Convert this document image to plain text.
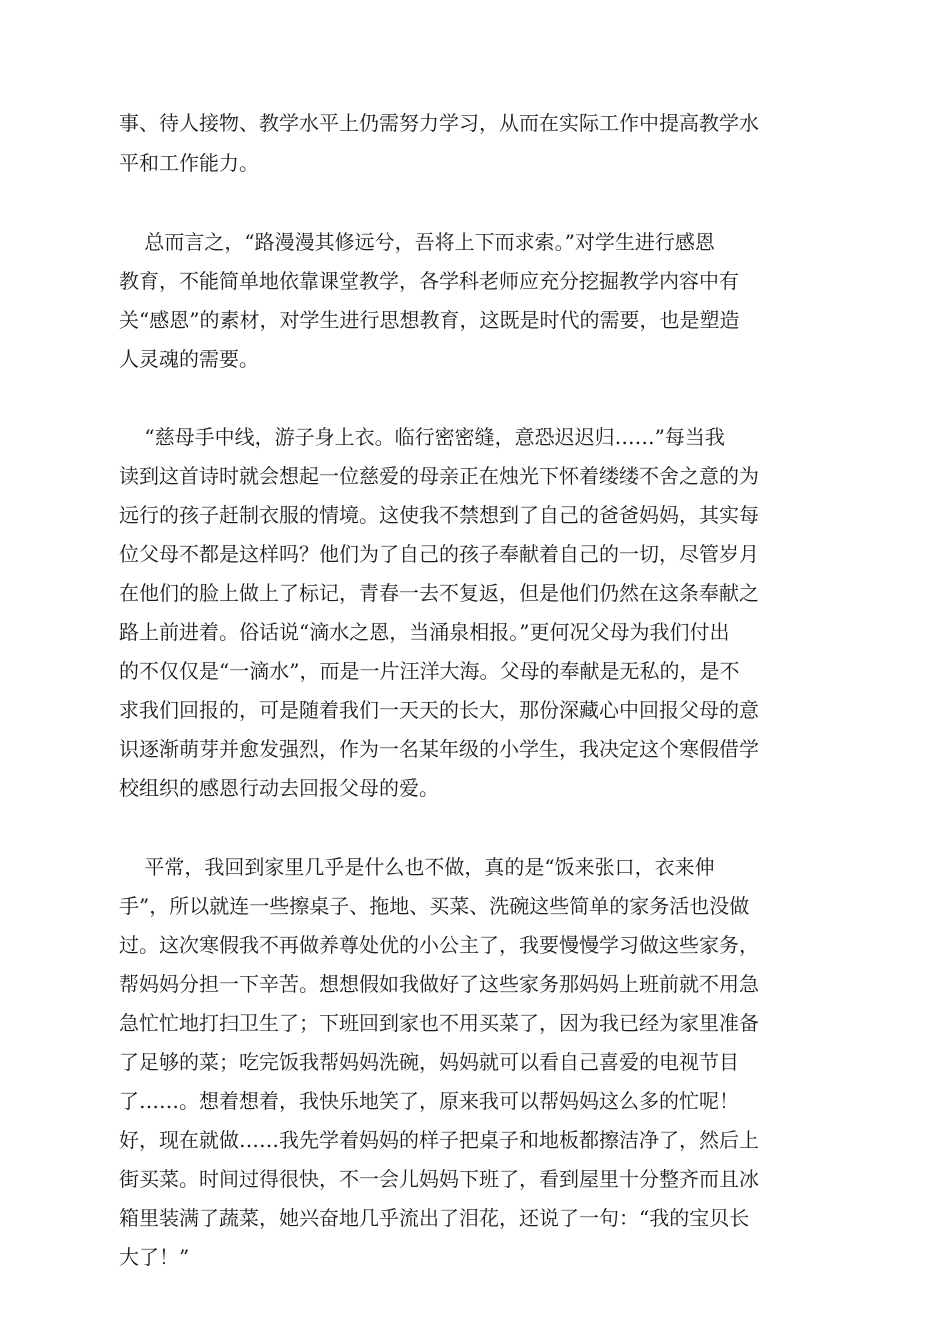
事、待人接物、教学水平上仍需努力学习，从而在实际工作中提高教学水

平和工作能力。

总而言之，“路漫漫其修远兮，吾将上下而求索。”对学生进行感恩

教育，不能简单地依靠课堂教学，各学科老师应充分挖掘教学内容中有

关“感恩”的素材，对学生进行思想教育，这既是时代的需要，也是塑造

人灵魂的需要。

“慈母手中线，游子身上衣。临行密密缝，意恐迟迟归……”每当我

读到这首诗时就会想起一位慈爱的母亲正在烛光下怀着缕缕不舍之意的为

远行的孩子赶制衣服的情境。这使我不禁想到了自己的爸爸妈妈，其实每

位父母不都是这样吗？他们为了自己的孩子奉献着自己的一切，尽管岁月

在他们的脸上做上了标记，青春一去不复返，但是他们仍然在这条奉献之

路上前进着。俗话说“滴水之恩，当涌泉相报。”更何况父母为我们付出

的不仅仅是“一滴水”，而是一片汪洋大海。父母的奉献是无私的，是不

求我们回报的，可是随着我们一天天的长大，那份深藏心中回报父母的意

识逐渐萌芽并愈发强烈，作为一名某年级的小学生，我决定这个寒假借学

校组织的感恩行动去回报父母的爱。

平常，我回到家里几乎是什么也不做，真的是“饭来张口，衣来伸

手”，所以就连一些擦桌子、拖地、买菜、洗碗这些简单的家务活也没做

过。这次寒假我不再做养尊处优的小公主了，我要慢慢学习做这些家务，

帮妈妈分担一下辛苦。想想假如我做好了这些家务那妈妈上班前就不用急

急忙忙地打扫卫生了；下班回到家也不用买菜了，因为我已经为家里准备

了足够的菜；吃完饭我帮妈妈洗碗，妈妈就可以看自己喜爱的电视节目

了……。想着想着，我快乐地笑了，原来我可以帮妈妈这么多的忙呢！

好，现在就做……我先学着妈妈的样子把桌子和地板都擦洁净了，然后上

街买菜。时间过得很快，不一会儿妈妈下班了，看到屋里十分整齐而且冰

箱里装满了蔬菜，她兴奋地几乎流出了泪花，还说了一句：“我的宝贝长

大了！”
